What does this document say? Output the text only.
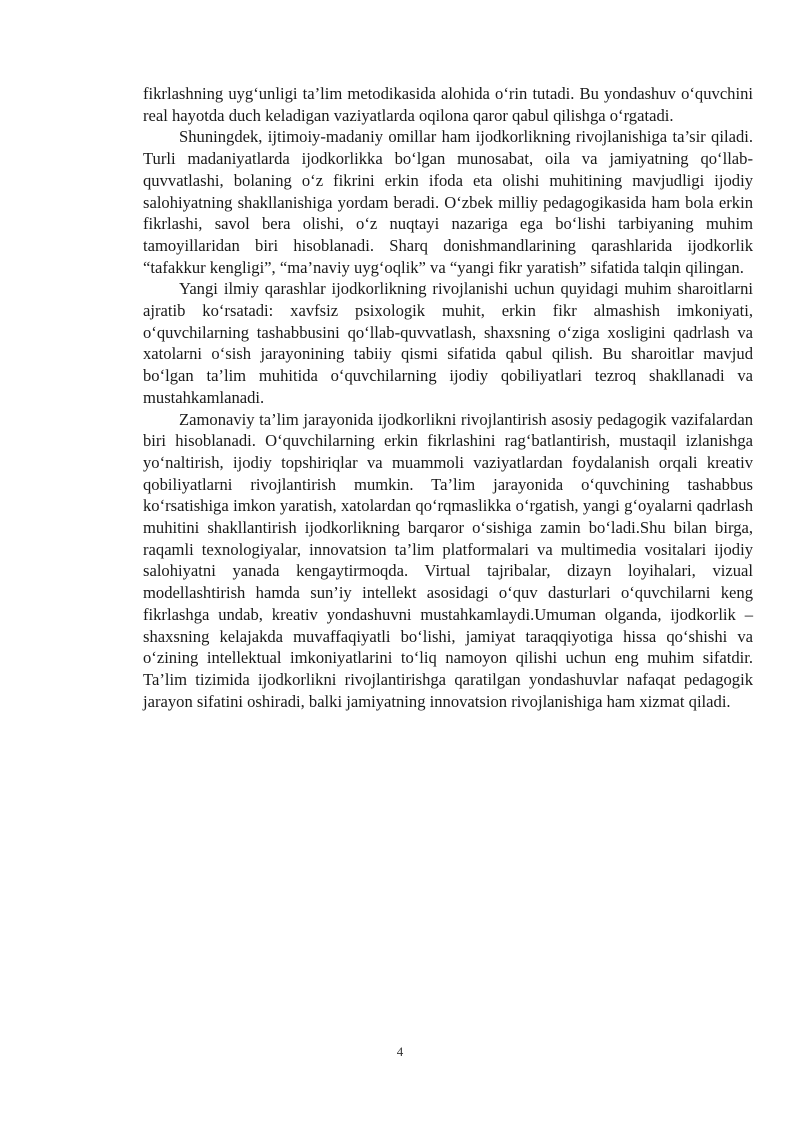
fikrlashning uyg‘unligi ta’lim metodikasida alohida o‘rin tutadi. Bu yondashuv o‘quvchini real hayotda duch keladigan vaziyatlarda oqilona qaror qabul qilishga o‘rgatadi.

Shuningdek, ijtimoiy-madaniy omillar ham ijodkorlikning rivojlanishiga ta’sir qiladi. Turli madaniyatlarda ijodkorlikka bo‘lgan munosabat, oila va jamiyatning qo‘llab-quvvatlashi, bolaning o‘z fikrini erkin ifoda eta olishi muhitining mavjudligi ijodiy salohiyatning shakllanishiga yordam beradi. O‘zbek milliy pedagogikasida ham bola erkin fikrlashi, savol bera olishi, o‘z nuqtayi nazariga ega bo‘lishi tarbiyaning muhim tamoyillaridan biri hisoblanadi. Sharq donishmandlarining qarashlarida ijodkorlik “tafakkur kengligi”, “ma’naviy uyg‘oqlik” va “yangi fikr yaratish” sifatida talqin qilingan.

Yangi ilmiy qarashlar ijodkorlikning rivojlanishi uchun quyidagi muhim sharoitlarni ajratib ko‘rsatadi: xavfsiz psixologik muhit, erkin fikr almashish imkoniyati, o‘quvchilarning tashabbusini qo‘llab-quvvatlash, shaxsning o‘ziga xosligini qadrlash va xatolarni o‘sish jarayonining tabiiy qismi sifatida qabul qilish. Bu sharoitlar mavjud bo‘lgan ta’lim muhitida o‘quvchilarning ijodiy qobiliyatlari tezroq shakllanadi va mustahkamlanadi.

Zamonaviy ta’lim jarayonida ijodkorlikni rivojlantirish asosiy pedagogik vazifalardan biri hisoblanadi. O‘quvchilarning erkin fikrlashini rag‘batlantirish, mustaqil izlanishga yo‘naltirish, ijodiy topshiriqlar va muammoli vaziyatlardan foydalanish orqali kreativ qobiliyatlarni rivojlantirish mumkin. Ta’lim jarayonida o‘quvchining tashabbus ko‘rsatishiga imkon yaratish, xatolardan qo‘rqmaslikka o‘rgatish, yangi g‘oyalarni qadrlash muhitini shakllantirish ijodkorlikning barqaror o‘sishiga zamin bo‘ladi.Shu bilan birga, raqamli texnologiyalar, innovatsion ta’lim platformalari va multimedia vositalari ijodiy salohiyatni yanada kengaytirmoqda. Virtual tajribalar, dizayn loyihalari, vizual modellashtirish hamda sun’iy intellekt asosidagi o‘quv dasturlari o‘quvchilarni keng fikrlashga undab, kreativ yondashuvni mustahkamlaydi.Umuman olganda, ijodkorlik – shaxsning kelajakda muvaffaqiyatli bo‘lishi, jamiyat taraqqiyotiga hissa qo‘shishi va o‘zining intellektual imkoniyatlarini to‘liq namoyon qilishi uchun eng muhim sifatdir. Ta’lim tizimida ijodkorlikni rivojlantirishga qaratilgan yondashuvlar nafaqat pedagogik jarayon sifatini oshiradi, balki jamiyatning innovatsion rivojlanishiga ham xizmat qiladi.

4
